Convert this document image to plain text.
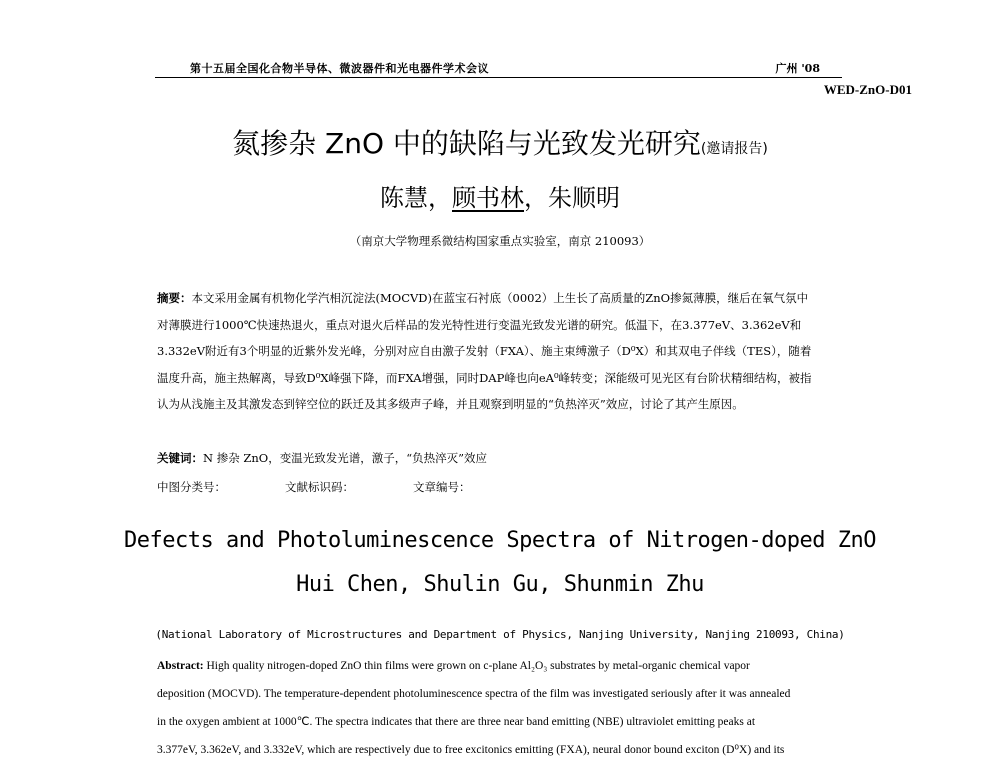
第十五届全国化合物半导体、微波器件和光电器件学术会议	广州 '08
WED-ZnO-D01
氮掺杂 ZnO 中的缺陷与光致发光研究(邀请报告)
陈慧，顾书林，朱顺明
（南京大学物理系微结构国家重点实验室，南京 210093）

摘要：本文采用金属有机物化学汽相沉淀法(MOCVD)在蓝宝石衬底（0002）上生长了高质量的ZnO掺氮薄膜，继后在氧气氛中

对薄膜进行1000℃快速热退火，重点对退火后样品的发光特性进行变温光致发光谱的研究。低温下，在3.377eV、3.362eV和

3.332eV附近有3个明显的近紫外发光峰，分别对应自由激子发射（FXA）、施主束缚激子（D⁰X）和其双电子伴线（TES），随着

温度升高，施主热解离，导致D⁰X峰强下降，而FXA增强，同时DAP峰也向eA⁰峰转变；深能级可见光区有台阶状精细结构，被指

认为从浅施主及其激发态到锌空位的跃迁及其多级声子峰，并且观察到明显的“负热淬灭”效应，讨论了其产生原因。

关键词：N 掺杂 ZnO，变温光致发光谱，激子，“负热淬灭”效应
中图分类号：	文献标识码：	文章编号：
Defects and Photoluminescence Spectra of Nitrogen-doped ZnO
Hui Chen, Shulin Gu, Shunmin Zhu
(National Laboratory of Microstructures and Department of Physics, Nanjing University, Nanjing 210093, China)

Abstract: High quality nitrogen-doped ZnO thin films were grown on c-plane Al₂O₃ substrates by metal-organic chemical vapor

deposition (MOCVD). The temperature-dependent photoluminescence spectra of the film was investigated seriously after it was annealed

in the oxygen ambient at 1000℃. The spectra indicates that there are three near band emitting (NBE) ultraviolet emitting peaks at

3.377eV, 3.362eV, and 3.332eV, which are respectively due to free excitonics emitting (FXA), neural donor bound exciton (D⁰X) and its
